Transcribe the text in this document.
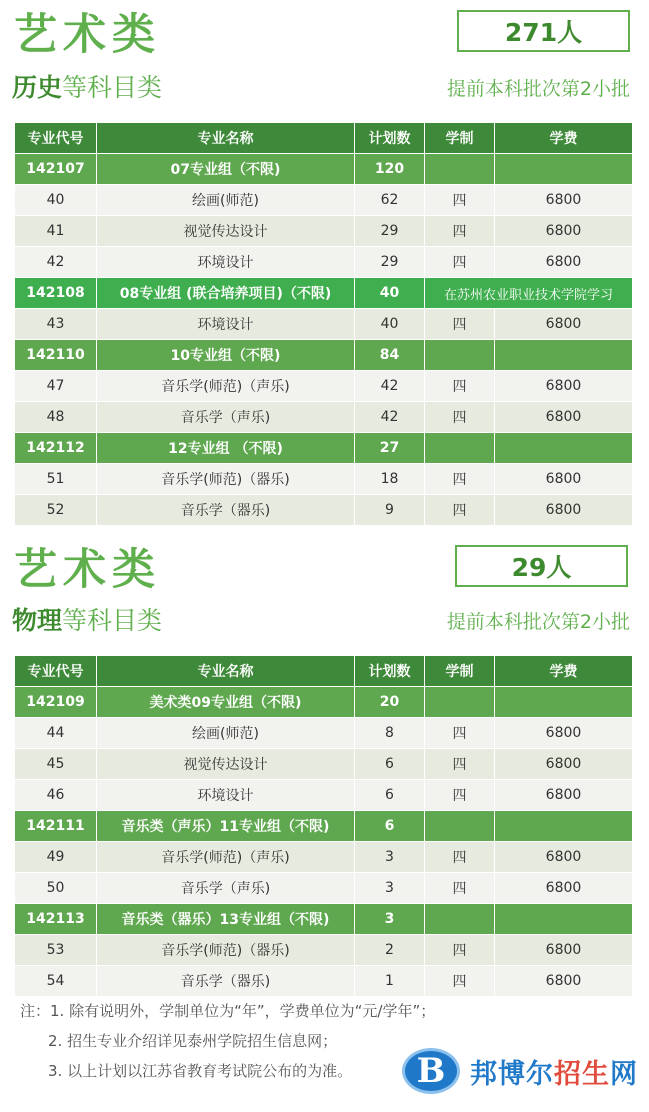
艺术类
历史等科目类
271人
提前本科批次第2小批
专业代号	专业名称	计划数	学制	学费
142107	07专业组（不限)	120		
40	绘画(师范)	62	四	6800
41	视觉传达设计	29	四	6800
42	环境设计	29	四	6800
142108	08专业组 (联合培养项目)（不限)	40	在苏州农业职业技术学院学习	
43	环境设计	40	四	6800
142110	10专业组（不限)	84		
47	音乐学(师范)（声乐)	42	四	6800
48	音乐学（声乐)	42	四	6800
142112	12专业组 （不限)	27		
51	音乐学(师范)（器乐)	18	四	6800
52	音乐学（器乐)	9	四	6800
艺术类
物理等科目类
29人
提前本科批次第2小批
专业代号	专业名称	计划数	学制	学费
142109	美术类09专业组（不限)	20		
44	绘画(师范)	8	四	6800
45	视觉传达设计	6	四	6800
46	环境设计	6	四	6800
142111	音乐类（声乐）11专业组（不限)	6		
49	音乐学(师范)（声乐)	3	四	6800
50	音乐学（声乐)	3	四	6800
142113	音乐类（器乐）13专业组（不限)	3		
53	音乐学(师范)（器乐)	2	四	6800
54	音乐学（器乐)	1	四	6800
注：1. 除有说明外，学制单位为“年”，学费单位为“元/学年”；
2. 招生专业介绍详见泰州学院招生信息网；
3. 以上计划以江苏省教育考试院公布的为准。	B 邦博尔招生网
